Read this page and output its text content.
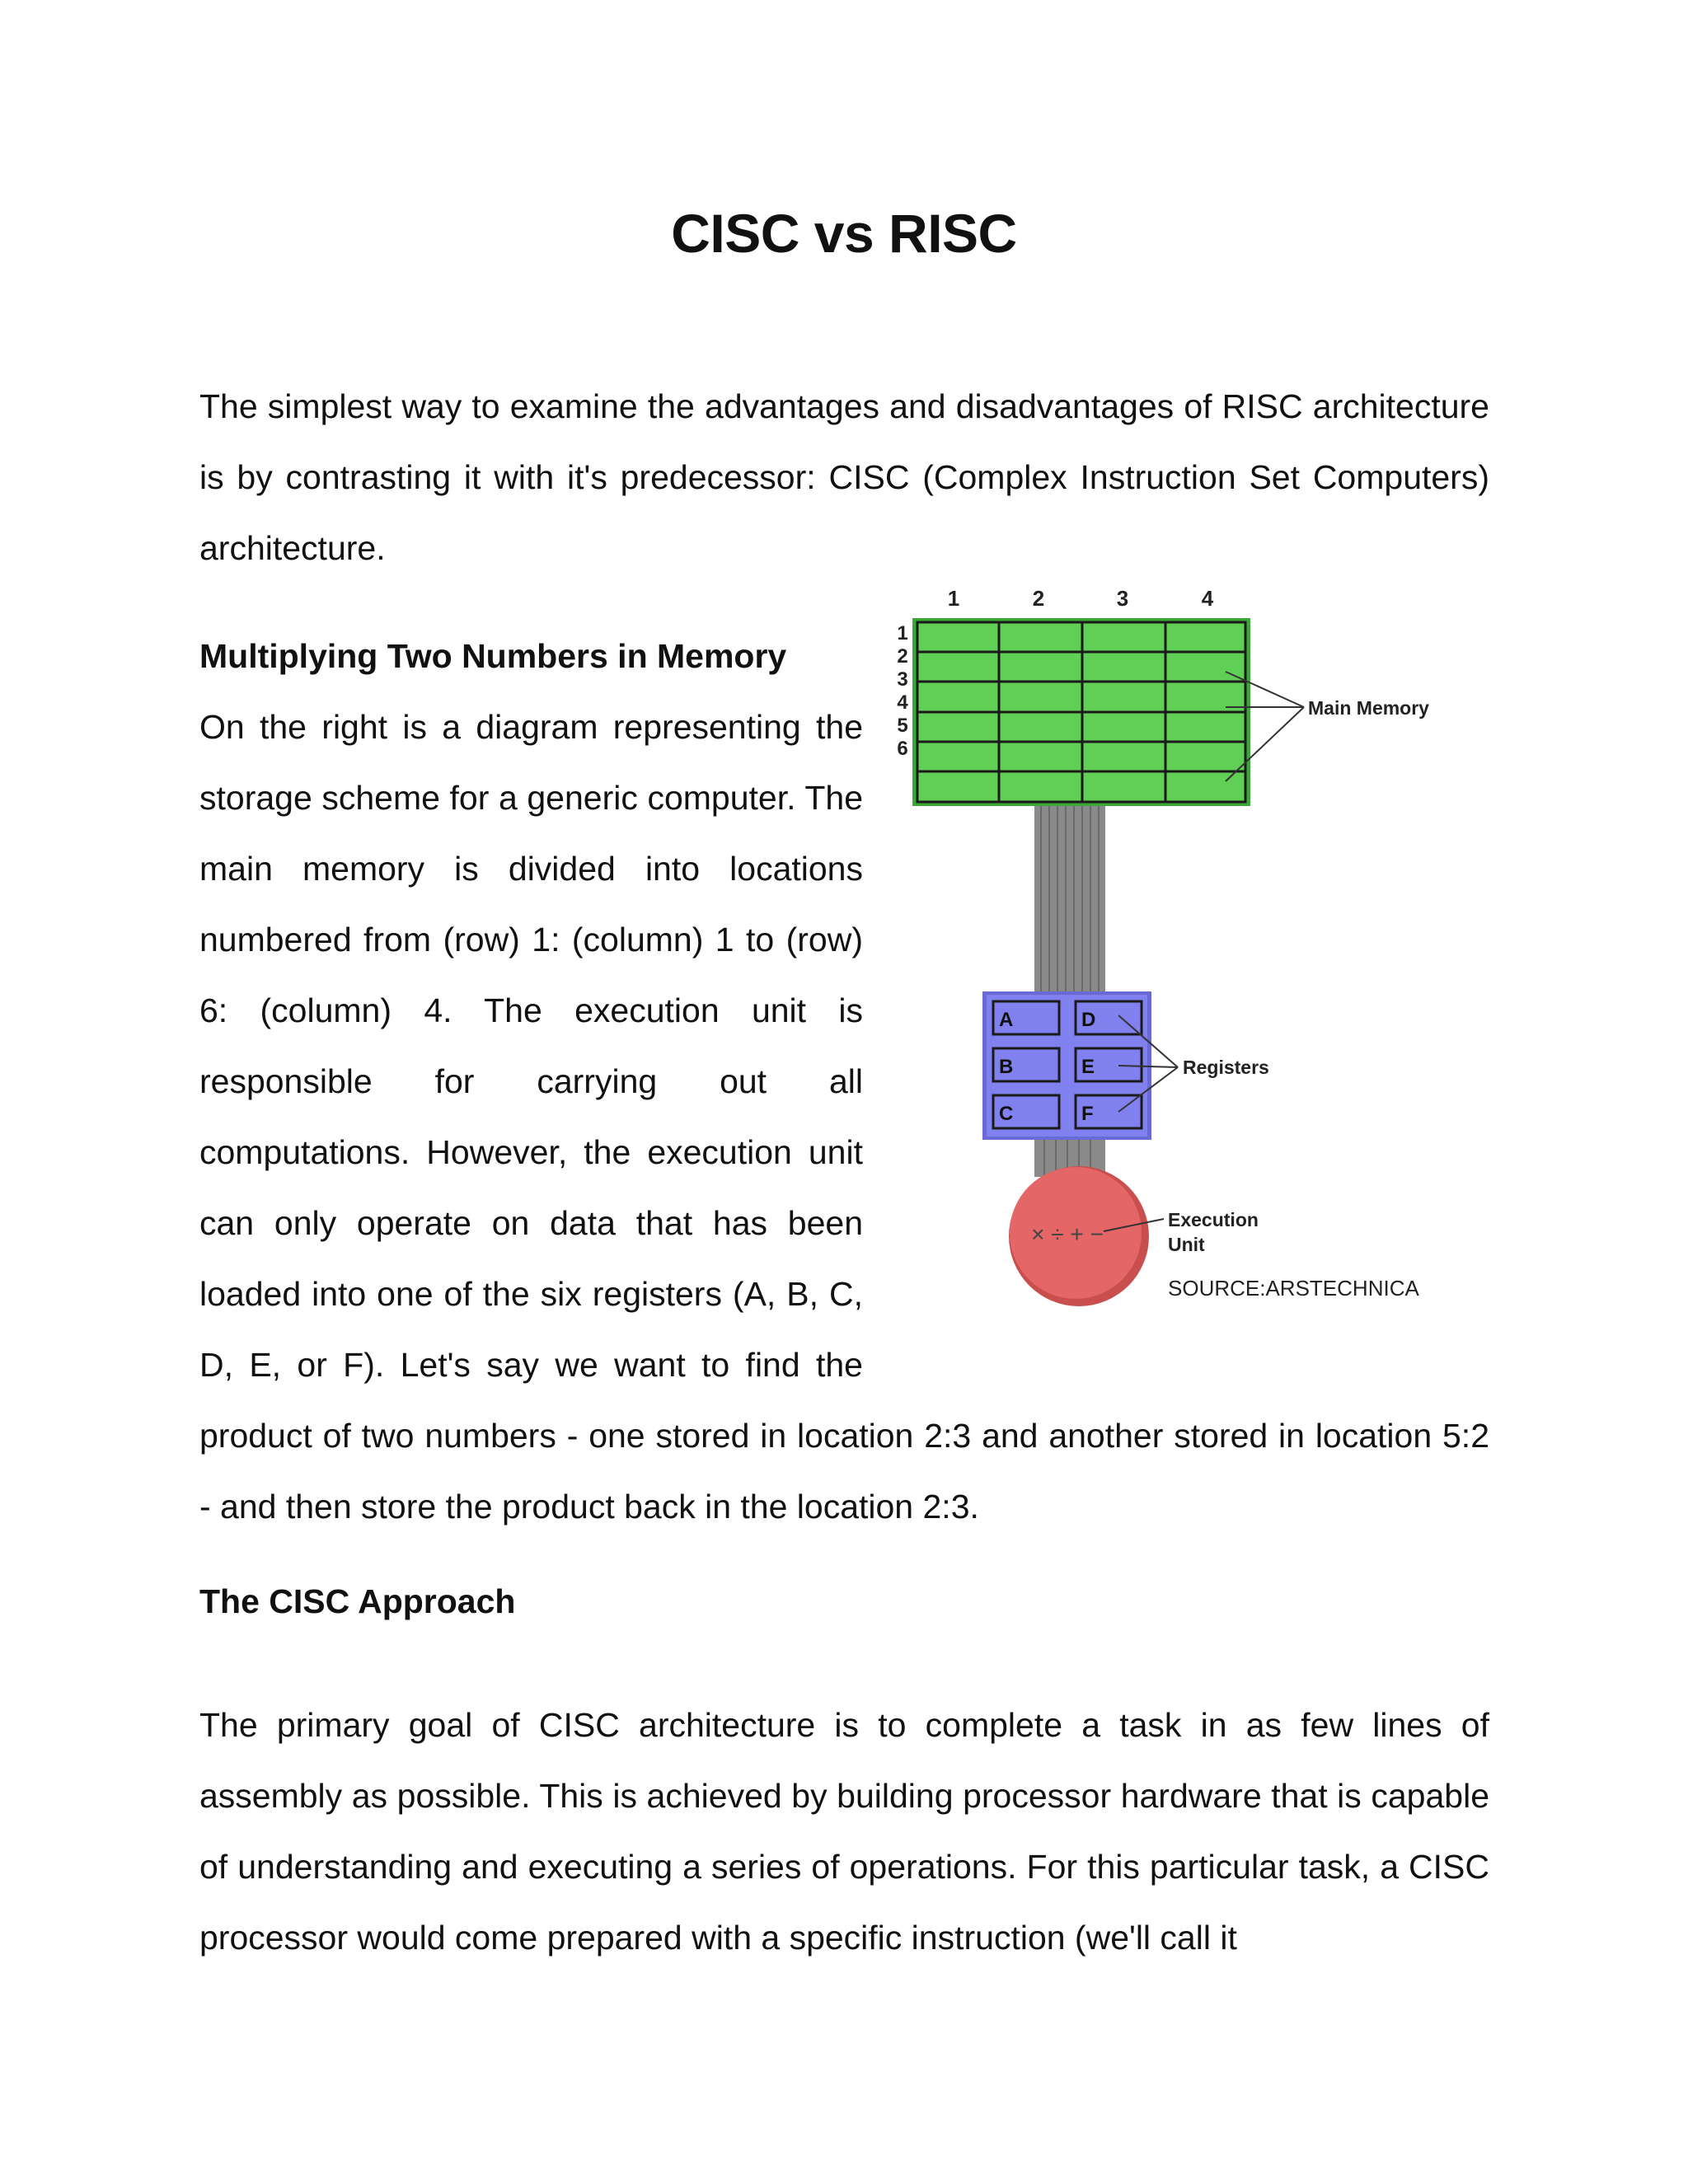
CISC vs RISC

The simplest way to examine the advantages and disadvantages of RISC architecture is by contrasting it with it's predecessor: CISC (Complex Instruction Set Computers) architecture.

1	2	3	4
1
2
3
4
5
6
Main Memory
A
B
C
D
E
F
Registers
× ÷ + −
Execution
Unit
SOURCE:ARSTECHNICA
Multiplying Two Numbers in Memory
On the right is a diagram representing the storage scheme for a generic computer. The main memory is divided into locations numbered from (row) 1: (column) 1 to (row) 6: (column) 4. The execution unit is responsible for carrying out all computations. However, the execution unit can only operate on data that has been loaded into one of the six registers (A, B, C, D, E, or F). Let's say we want to find the product of two numbers - one stored in location 2:3 and another stored in location 5:2 - and then store the product back in the location 2:3.
The CISC Approach

The primary goal of CISC architecture is to complete a task in as few lines of assembly as possible. This is achieved by building processor hardware that is capable of understanding and executing a series of operations. For this particular task, a CISC processor would come prepared with a specific instruction (we'll call it
